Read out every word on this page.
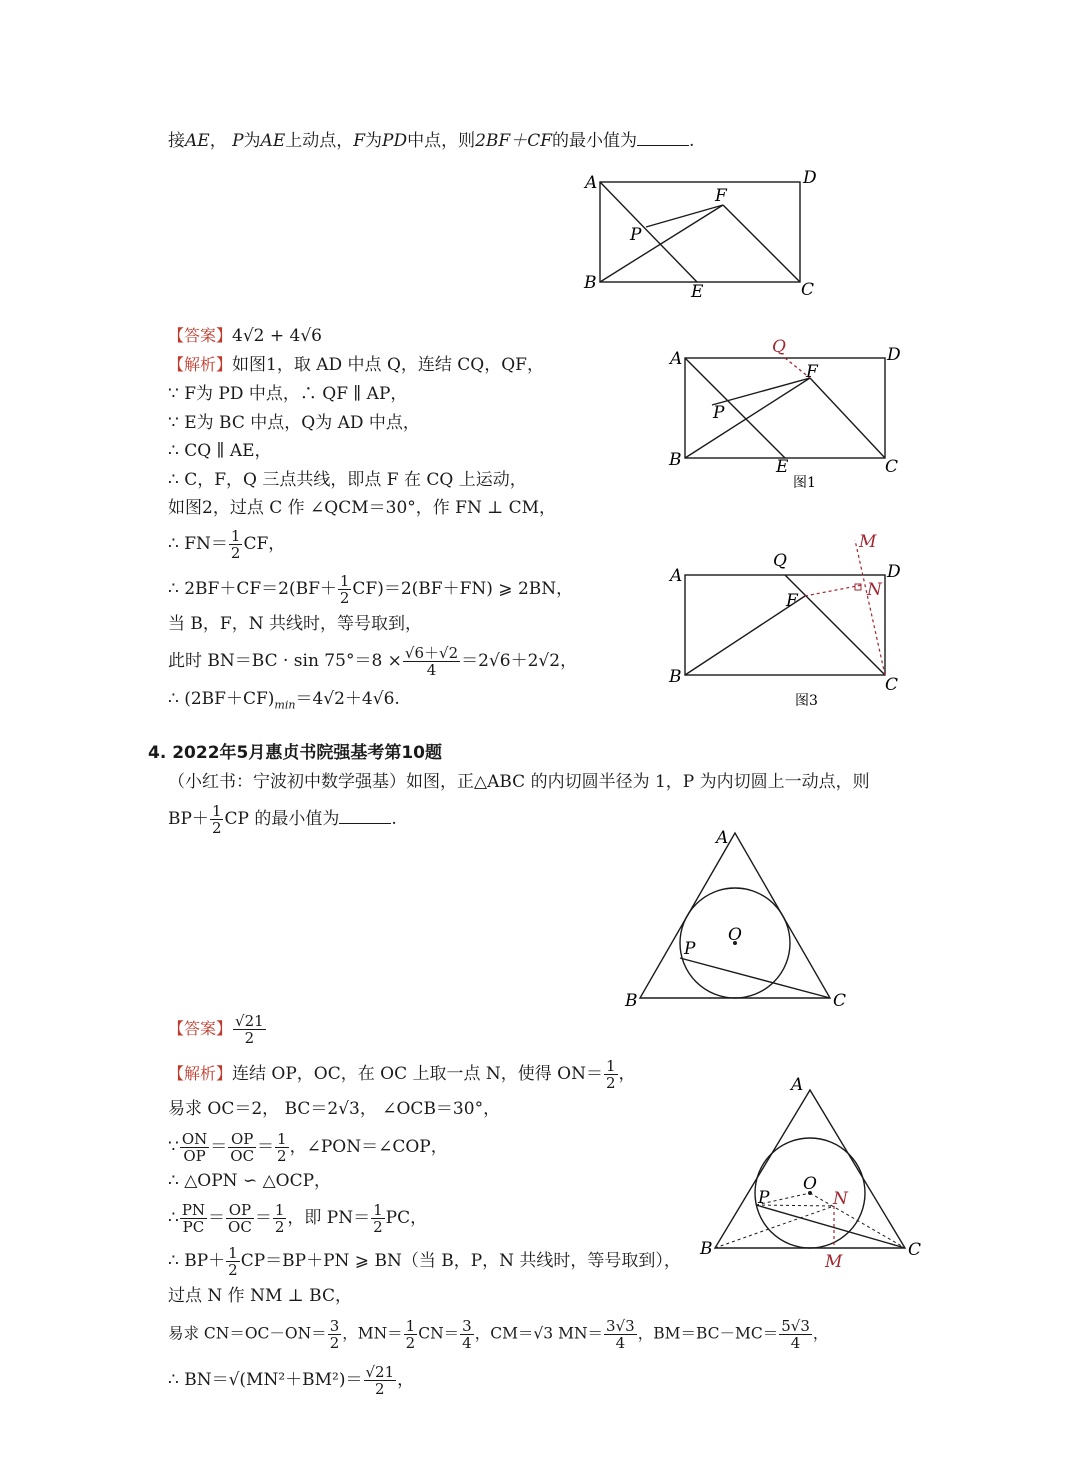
接AE， P为AE上动点，F为PD中点，则2BF＋CF的最小值为	.
A
B	C
D
E
F
P
【答案】4√2 + 4√6
【解析】如图1，取 AD 中点 Q，连结 CQ，QF，
∵ F为 PD 中点，∴ QF ∥ AP，
∵ E为 BC 中点，Q为 AD 中点，
∴ CQ ∥ AE，
∴ C，F，Q 三点共线，即点 F 在 CQ 上运动，
如图2，过点 C 作 ∠QCM＝30°，作 FN ⊥ CM，
∴ $FN= \frac{1}{2}$ CF，
∴ $2BF+CF=2(BF+ \frac{1}{2} CF)=2(BF+FN)$ ⩾ 2BN，
当 B，F，N 共线时，等号取到，
此时 $BN=BC \cdot \sin 75^\circ=8 \times \frac{√6+√2}{4} =2√6+2√2$，
∴ $(2BF+CF)_{min}=4√2+4√6$.
A
B	C
D
E
F
P
Q
图1
A
B	C
D
F
Q
M
N
图3
4. 2022年5月惠贞书院强基考第10题
（小红书：宁波初中数学强基）如图，正△ABC 的内切圆半径为 1，P 为内切圆上一动点，则
$BP+ \frac{1}{2}$ CP 的最小值为	.
A
B	C
O
P
【答案】 $\frac{√21}{2}$
【解析】连结 OP，OC，在 OC 上取一点 N，使得 $ON= \frac{1}{2}$ ，
易求 OC＝2， BC＝2√3， ∠OCB＝30°，
∵ $\frac{ON}{OP} = \frac{OP}{OC} = \frac{1}{2}$ ，∠PON＝∠COP，
∴ △OPN ∽ △OCP，
∴ $\frac{PN}{PC} = \frac{OP}{OC} = \frac{1}{2}$ ，即 $PN= \frac{1}{2}$ PC，
∴ $BP+ \frac{1}{2} CP=BP+PN$ ⩾ BN（当 B，P，N 共线时，等号取到），
过点 N 作 NM ⊥ BC，
易求 $CN=OC-ON= \frac{3}{2}$ ，$MN= \frac{1}{2} CN= \frac{3}{4}$ ，CM＝√3 $MN= \frac{3√3}{4}$ ，$BM=BC-MC= \frac{5√3}{4}$ ，
∴ $BN=√(MN^2+BM^2)= \frac{√21}{2}$ ，
A
B	C
O
P	N
M
